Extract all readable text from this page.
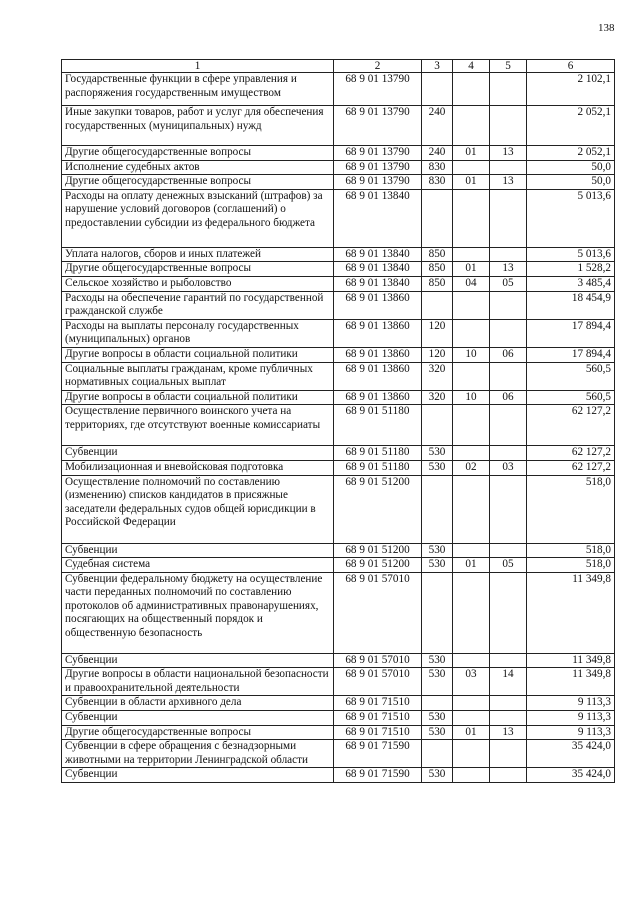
138
1	2	3	4	5	6
Государственные функции в сфере управления и распоряжения государственным имуществом	68 9 01 13790				2 102,1
Иные закупки товаров, работ и услуг для обеспечения государственных (муниципальных) нужд	68 9 01 13790	240			2 052,1
Другие общегосударственные вопросы	68 9 01 13790	240	01	13	2 052,1
Исполнение судебных актов	68 9 01 13790	830			50,0
Другие общегосударственные вопросы	68 9 01 13790	830	01	13	50,0
Расходы на оплату денежных взысканий (штрафов) за нарушение условий договоров (соглашений) о предоставлении субсидии из федерального бюджета	68 9 01 13840				5 013,6
Уплата налогов, сборов и иных платежей	68 9 01 13840	850			5 013,6
Другие общегосударственные вопросы	68 9 01 13840	850	01	13	1 528,2
Сельское хозяйство и рыболовство	68 9 01 13840	850	04	05	3 485,4
Расходы на обеспечение гарантий по государственной гражданской службе	68 9 01 13860				18 454,9
Расходы на выплаты персоналу государственных (муниципальных) органов	68 9 01 13860	120			17 894,4
Другие вопросы в области социальной политики	68 9 01 13860	120	10	06	17 894,4
Социальные выплаты гражданам, кроме публичных нормативных социальных выплат	68 9 01 13860	320			560,5
Другие вопросы в области социальной политики	68 9 01 13860	320	10	06	560,5
Осуществление первичного воинского учета на территориях, где отсутствуют военные комиссариаты	68 9 01 51180				62 127,2
Субвенции	68 9 01 51180	530			62 127,2
Мобилизационная и вневойсковая подготовка	68 9 01 51180	530	02	03	62 127,2
Осуществление полномочий по составлению (изменению) списков кандидатов в присяжные заседатели федеральных судов общей юрисдикции в Российской Федерации	68 9 01 51200				518,0
Субвенции	68 9 01 51200	530			518,0
Судебная система	68 9 01 51200	530	01	05	518,0
Субвенции федеральному бюджету на осуществление части переданных полномочий по составлению протоколов об административных правонарушениях, посягающих на общественный порядок и общественную безопасность	68 9 01 57010				11 349,8
Субвенции	68 9 01 57010	530			11 349,8
Другие вопросы в области национальной безопасности и правоохранительной деятельности	68 9 01 57010	530	03	14	11 349,8
Субвенции в области архивного дела	68 9 01 71510				9 113,3
Субвенции	68 9 01 71510	530			9 113,3
Другие общегосударственные вопросы	68 9 01 71510	530	01	13	9 113,3
Субвенции в сфере обращения с безнадзорными животными на территории Ленинградской области	68 9 01 71590				35 424,0
Субвенции	68 9 01 71590	530			35 424,0
